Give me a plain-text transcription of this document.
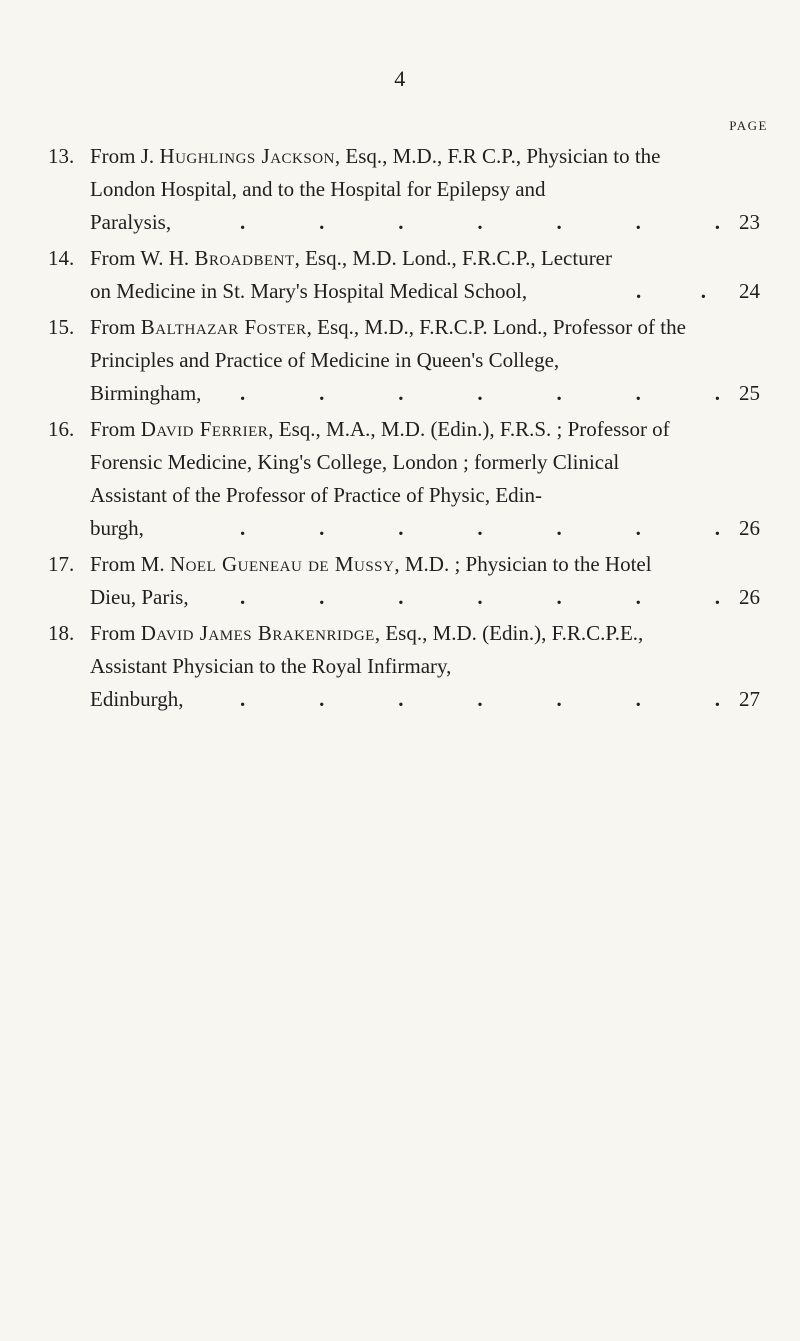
4
PAGE
13. From J. Hughlings Jackson, Esq., M.D., F.R C.P., Physician to the London Hospital, and to the Hospital for Epilepsy and
Paralysis,	.	.	.	.	.	.	. 23
14. From W. H. Broadbent, Esq., M.D. Lond., F.R.C.P., Lecturer
on Medicine in St. Mary's Hospital Medical School,	.	. 24
15. From Balthazar Foster, Esq., M.D., F.R.C.P. Lond., Professor of the Principles and Practice of Medicine in Queen's College,
Birmingham, .	.	.	.	.	.	. 25
16. From David Ferrier, Esq., M.A., M.D. (Edin.), F.R.S. ; Professor of Forensic Medicine, King's College, London ; formerly Clinical Assistant of the Professor of Practice of Physic, Edin-
burgh,	.	.	.	.	.	.	. 26
17. From M. Noel Gueneau de Mussy, M.D. ; Physician to the Hotel
Dieu, Paris, .	.	.	.	.	.	. 26
18. From David James Brakenridge, Esq., M.D. (Edin.), F.R.C.P.E., Assistant Physician to the Royal Infirmary,
Edinburgh,	.	.	.	.	.	.	. 27
